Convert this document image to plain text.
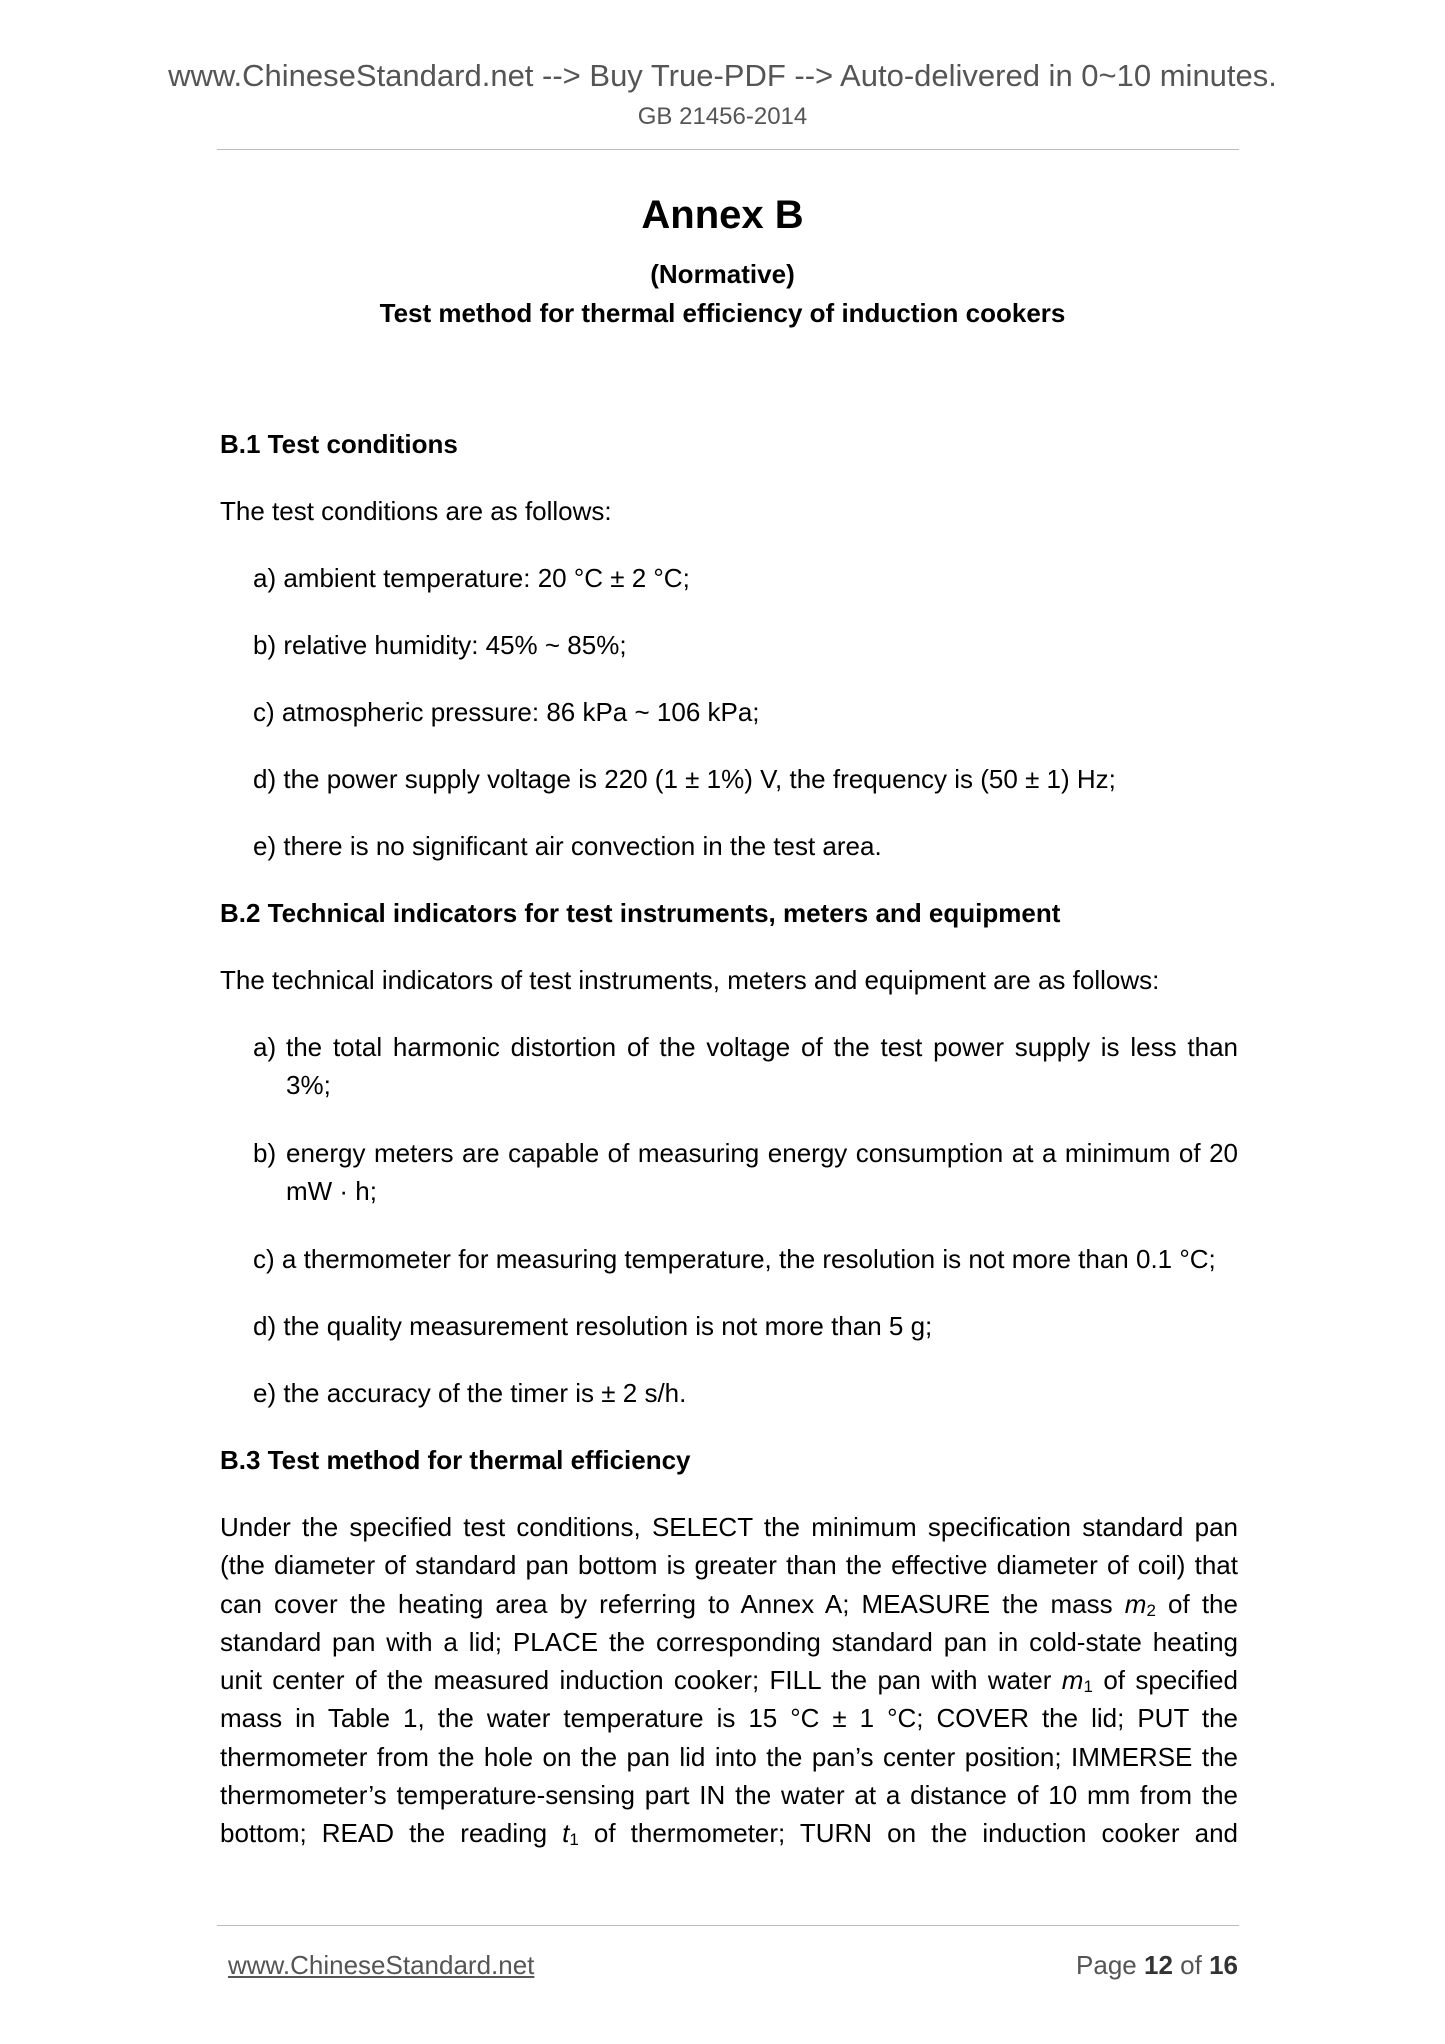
www.ChineseStandard.net --> Buy True-PDF --> Auto-delivered in 0~10 minutes.
GB 21456-2014
Annex B
(Normative)
Test method for thermal efficiency of induction cookers
B.1 Test conditions
The test conditions are as follows:
a) ambient temperature: 20 °C ± 2 °C;
b) relative humidity: 45% ~ 85%;
c) atmospheric pressure: 86 kPa ~ 106 kPa;
d) the power supply voltage is 220 (1 ± 1%) V, the frequency is (50 ± 1) Hz;
e) there is no significant air convection in the test area.
B.2 Technical indicators for test instruments, meters and equipment
The technical indicators of test instruments, meters and equipment are as follows:
a) the total harmonic distortion of the voltage of the test power supply is less than 3%;
b) energy meters are capable of measuring energy consumption at a minimum of 20 mW · h;
c) a thermometer for measuring temperature, the resolution is not more than 0.1 °C;
d) the quality measurement resolution is not more than 5 g;
e) the accuracy of the timer is ± 2 s/h.
B.3 Test method for thermal efficiency
Under the specified test conditions, SELECT the minimum specification standard pan
(the diameter of standard pan bottom is greater than the effective diameter of coil) that
can cover the heating area by referring to Annex A; MEASURE the mass $m_2$ of the
standard pan with a lid; PLACE the corresponding standard pan in cold-state heating
unit center of the measured induction cooker; FILL the pan with water $m_1$ of specified
mass in Table 1, the water temperature is 15 °C ± 1 °C; COVER the lid; PUT the
thermometer from the hole on the pan lid into the pan’s center position; IMMERSE the
thermometer’s temperature-sensing part IN the water at a distance of 10 mm from the
bottom; READ the reading $t_1$ of thermometer; TURN on the induction cooker and
www.ChineseStandard.net	Page 12 of 16
